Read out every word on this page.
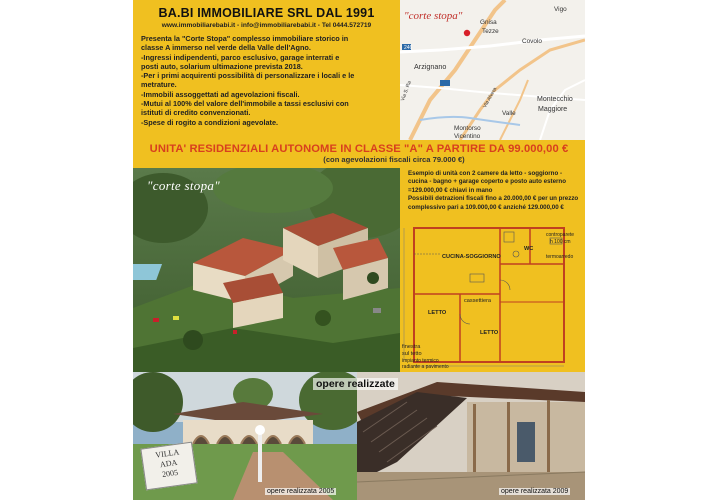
BA.BI IMMOBILIARE SRL DAL 1991
www.immobiliarebabi.it - info@immobiliarebabi.it - Tel 0444.572719

Presenta la "Corte Stopa" complesso immobiliare storico in

classe A immerso nel verde della Valle dell'Agno.

-Ingressi indipendenti, parco esclusivo, garage interrati e

posti auto, solarium ultimazione prevista 2018.

-Per i primi acquirenti possibilità di personalizzare i locali e le

metrature.

-Immobili assoggettati ad agevolazioni fiscali.

-Mutui al 100% del valore dell'immobile a tassi esclusivi con

istituti di credito convenzionati.

-Spese di rogito a condizioni agevolate.

"corte stopa"
Vigo
Gnisa
Tezze
Covolo
Arzignano
246
Montecchio
Maggiore
Valle
Montorso
Vicentino
Via S. Ra	Via Alvera
UNITA' RESIDENZIALI AUTONOME IN CLASSE "A" A PARTIRE DA 99.000,00 €
(con agevolazioni fiscali circa 79.000 €)
"corte stopa"
Esempio di unità con 2 camere da letto - soggiorno -
cucina - bagno + garage coperto e posto auto esterno
=129.000,00 € chiavi in mano
Possibili detrazioni fiscali fino a 20.000,00 € per un prezzo
complessivo pari a 109.000,00 € anziché 129.000,00 €
CUCINA-SOGGIORNO
WC
cassettiera
LETTO
LETTO
finestra
sul tetto
impianto termico
radiante a pavimento
controparete
h 100 cm
termoarredo
opere realizzate
VILLA
ADA
2005
opere realizzata 2005	opere realizzata 2009
